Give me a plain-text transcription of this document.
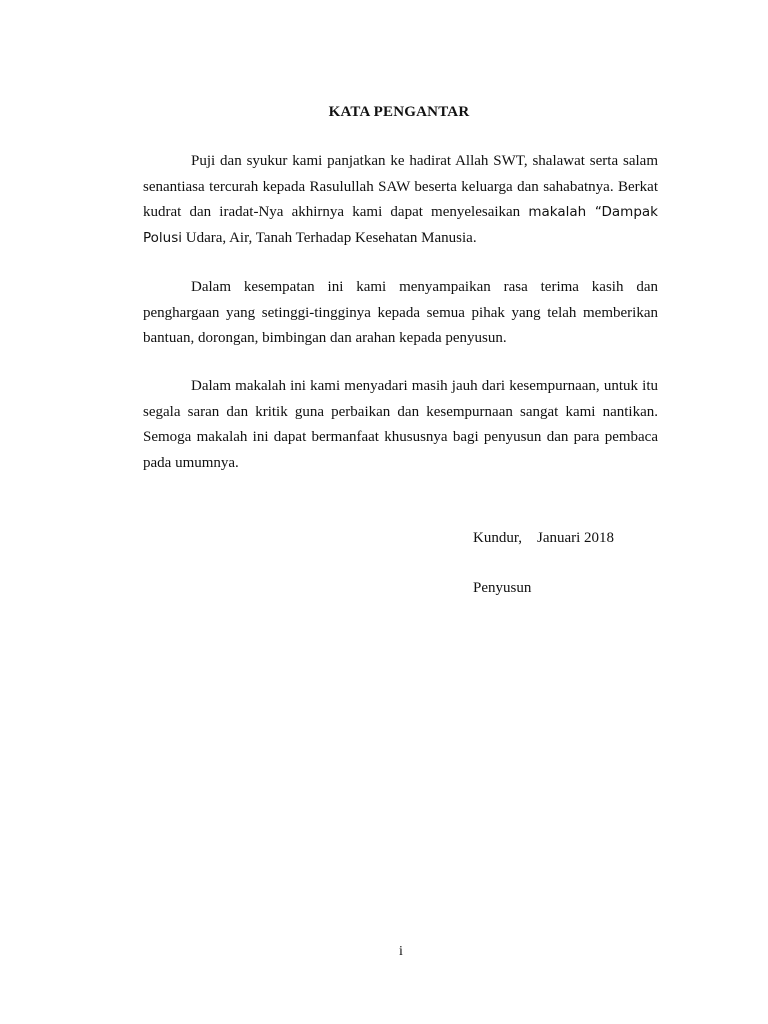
KATA PENGANTAR

Puji dan syukur kami panjatkan ke hadirat Allah SWT, shalawat serta salam senantiasa tercurah kepada Rasulullah SAW beserta keluarga dan sahabatnya. Berkat kudrat dan iradat-Nya akhirnya kami dapat menyelesaikan makalah “Dampak Polusi Udara, Air, Tanah Terhadap Kesehatan Manusia.

Dalam kesempatan ini kami menyampaikan rasa terima kasih dan penghargaan yang setinggi-tingginya kepada semua pihak yang telah memberikan bantuan, dorongan, bimbingan dan arahan kepada penyusun.

Dalam makalah ini kami menyadari masih jauh dari kesempurnaan, untuk itu segala saran dan kritik guna perbaikan dan kesempurnaan sangat kami nantikan. Semoga makalah ini dapat bermanfaat khususnya bagi penyusun dan para pembaca pada umumnya.

Kundur,    Januari 2018

Penyusun

i
